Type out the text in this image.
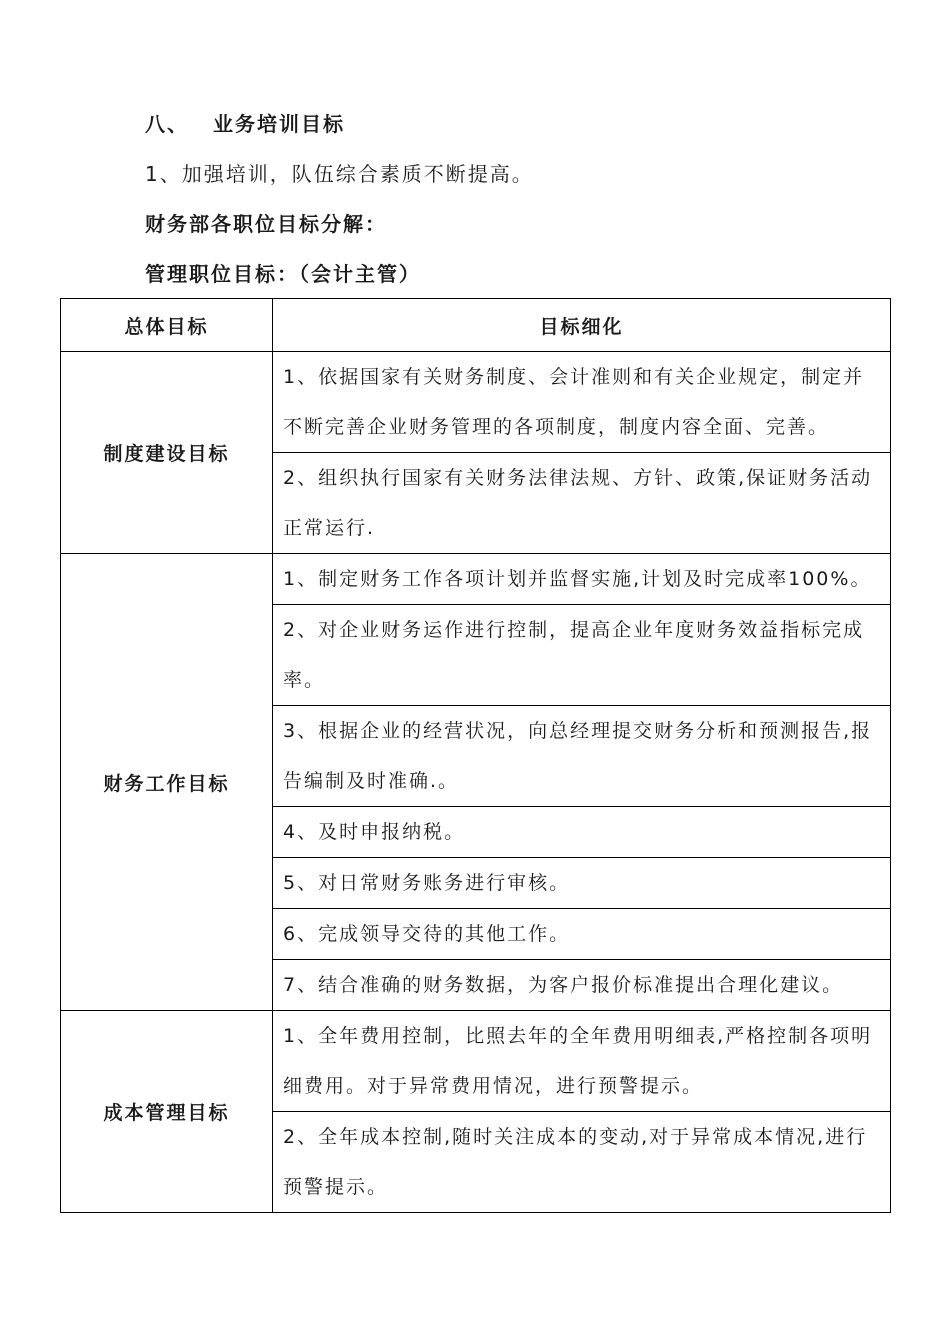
八、 业务培训目标
1、加强培训，队伍综合素质不断提高。
财务部各职位目标分解：
管理职位目标：（会计主管）
总体目标	目标细化
制度建设目标	1、依据国家有关财务制度、会计准则和有关企业规定，制定并不断完善企业财务管理的各项制度，制度内容全面、完善。
	2、组织执行国家有关财务法律法规、方针、政策,保证财务活动正常运行.
财务工作目标	1、制定财务工作各项计划并监督实施,计划及时完成率100%。
	2、对企业财务运作进行控制，提高企业年度财务效益指标完成率。
	3、根据企业的经营状况，向总经理提交财务分析和预测报告,报告编制及时准确.。
	4、及时申报纳税。
	5、对日常财务账务进行审核。
	6、完成领导交待的其他工作。
	7、结合准确的财务数据，为客户报价标准提出合理化建议。
成本管理目标	1、全年费用控制，比照去年的全年费用明细表,严格控制各项明细费用。对于异常费用情况，进行预警提示。
	2、全年成本控制,随时关注成本的变动,对于异常成本情况,进行预警提示。
